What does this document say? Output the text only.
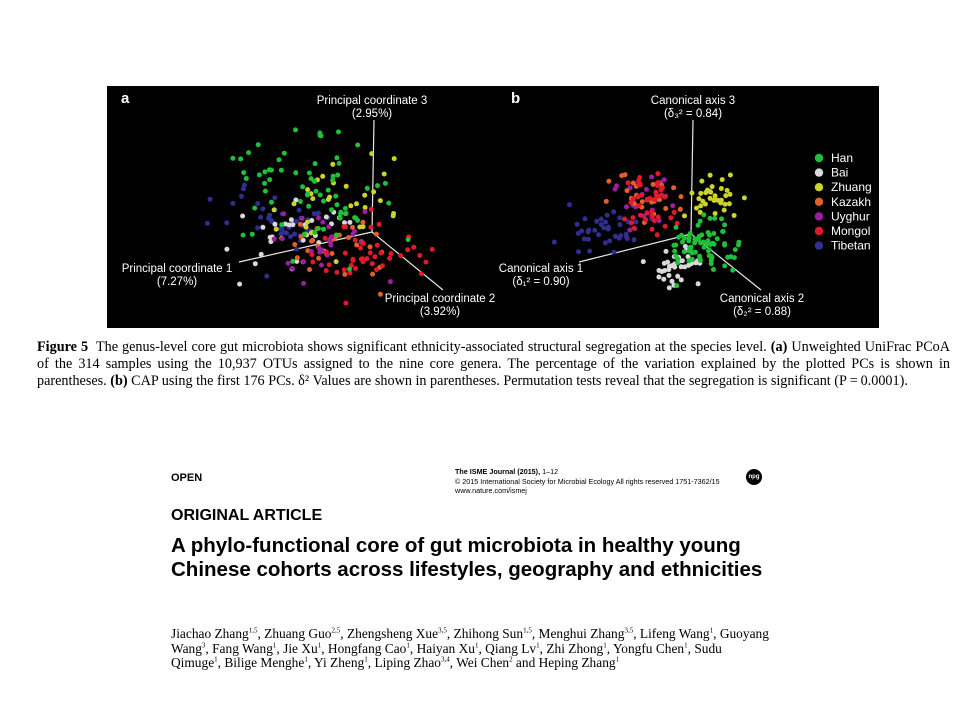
a	Principal coordinate 3
(2.95%)
Principal coordinate 1
(7.27%)
Principal coordinate 2
(3.92%)
b	Canonical axis 3
(δ₃² = 0.84)
Canonical axis 1
(δ₁² = 0.90)
Canonical axis 2
(δ₂² = 0.88)
Han
Bai
Zhuang
Kazakh
Uyghur
Mongol
Tibetan
Figure 5 The genus-level core gut microbiota shows significant ethnicity-associated structural segregation at the species level. (a) Unweighted UniFrac PCoA of the 314 samples using the 10,937 OTUs assigned to the nine core genera. The percentage of the variation explained by the plotted PCs is shown in parentheses. (b) CAP using the first 176 PCs. δ² Values are shown in parentheses. Permutation tests reveal that the segregation is significant (P = 0.0001).
OPEN
The ISME Journal (2015), 1–12
© 2015 International Society for Microbial Ecology All rights reserved 1751-7362/15
www.nature.com/ismej
npg
ORIGINAL ARTICLE
A phylo-functional core of gut microbiota in healthy young Chinese cohorts across lifestyles, geography and ethnicities
Jiachao Zhang$^{1,5}$, Zhuang Guo$^{2,5}$, Zhengsheng Xue$^{3,5}$, Zhihong Sun$^{1,5}$, Menghui Zhang$^{3,5}$, Lifeng Wang$^1$, Guoyang Wang$^3$, Fang Wang$^1$, Jie Xu$^1$, Hongfang Cao$^1$, Haiyan Xu$^1$, Qiang Lv$^1$, Zhi Zhong$^1$, Yongfu Chen$^1$, Sudu Qimuge$^1$, Bilige Menghe$^1$, Yi Zheng$^1$, Liping Zhao$^{3,4}$, Wei Chen$^2$ and Heping Zhang$^1$
